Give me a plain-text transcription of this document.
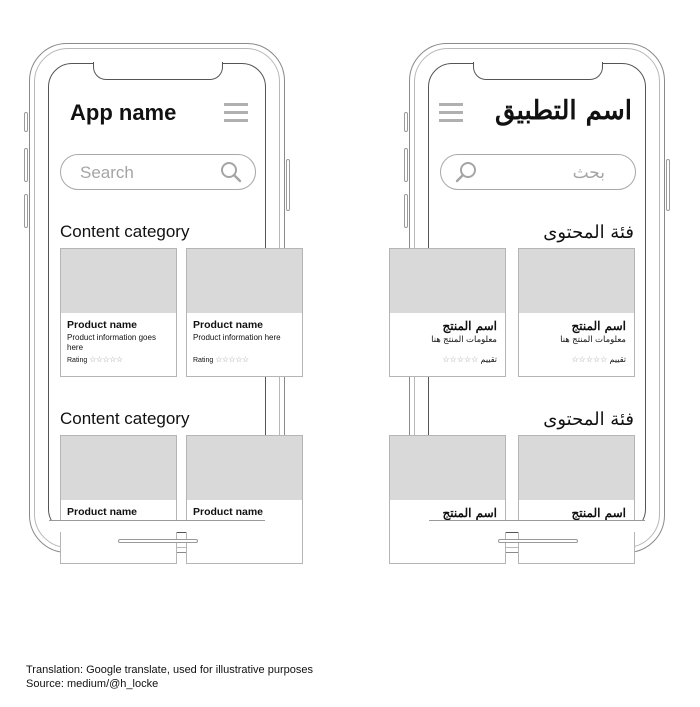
App name
Search
Content category
Product name
Product information goes here
Rating ☆☆☆☆☆
Product name
Product information here
Rating ☆☆☆☆☆
Content category
Product name	Product name
اسم التطبيق
بحث
فئة المحتوى
اسم المنتج
معلومات المنتج هنا
تقييم ☆☆☆☆☆
اسم المنتج
معلومات المنتج هنا
تقييم ☆☆☆☆☆
فئة المحتوى
اسم المنتج
اسم المنتج
Translation: Google translate, used for illustrative purposes
Source: medium/@h_locke
